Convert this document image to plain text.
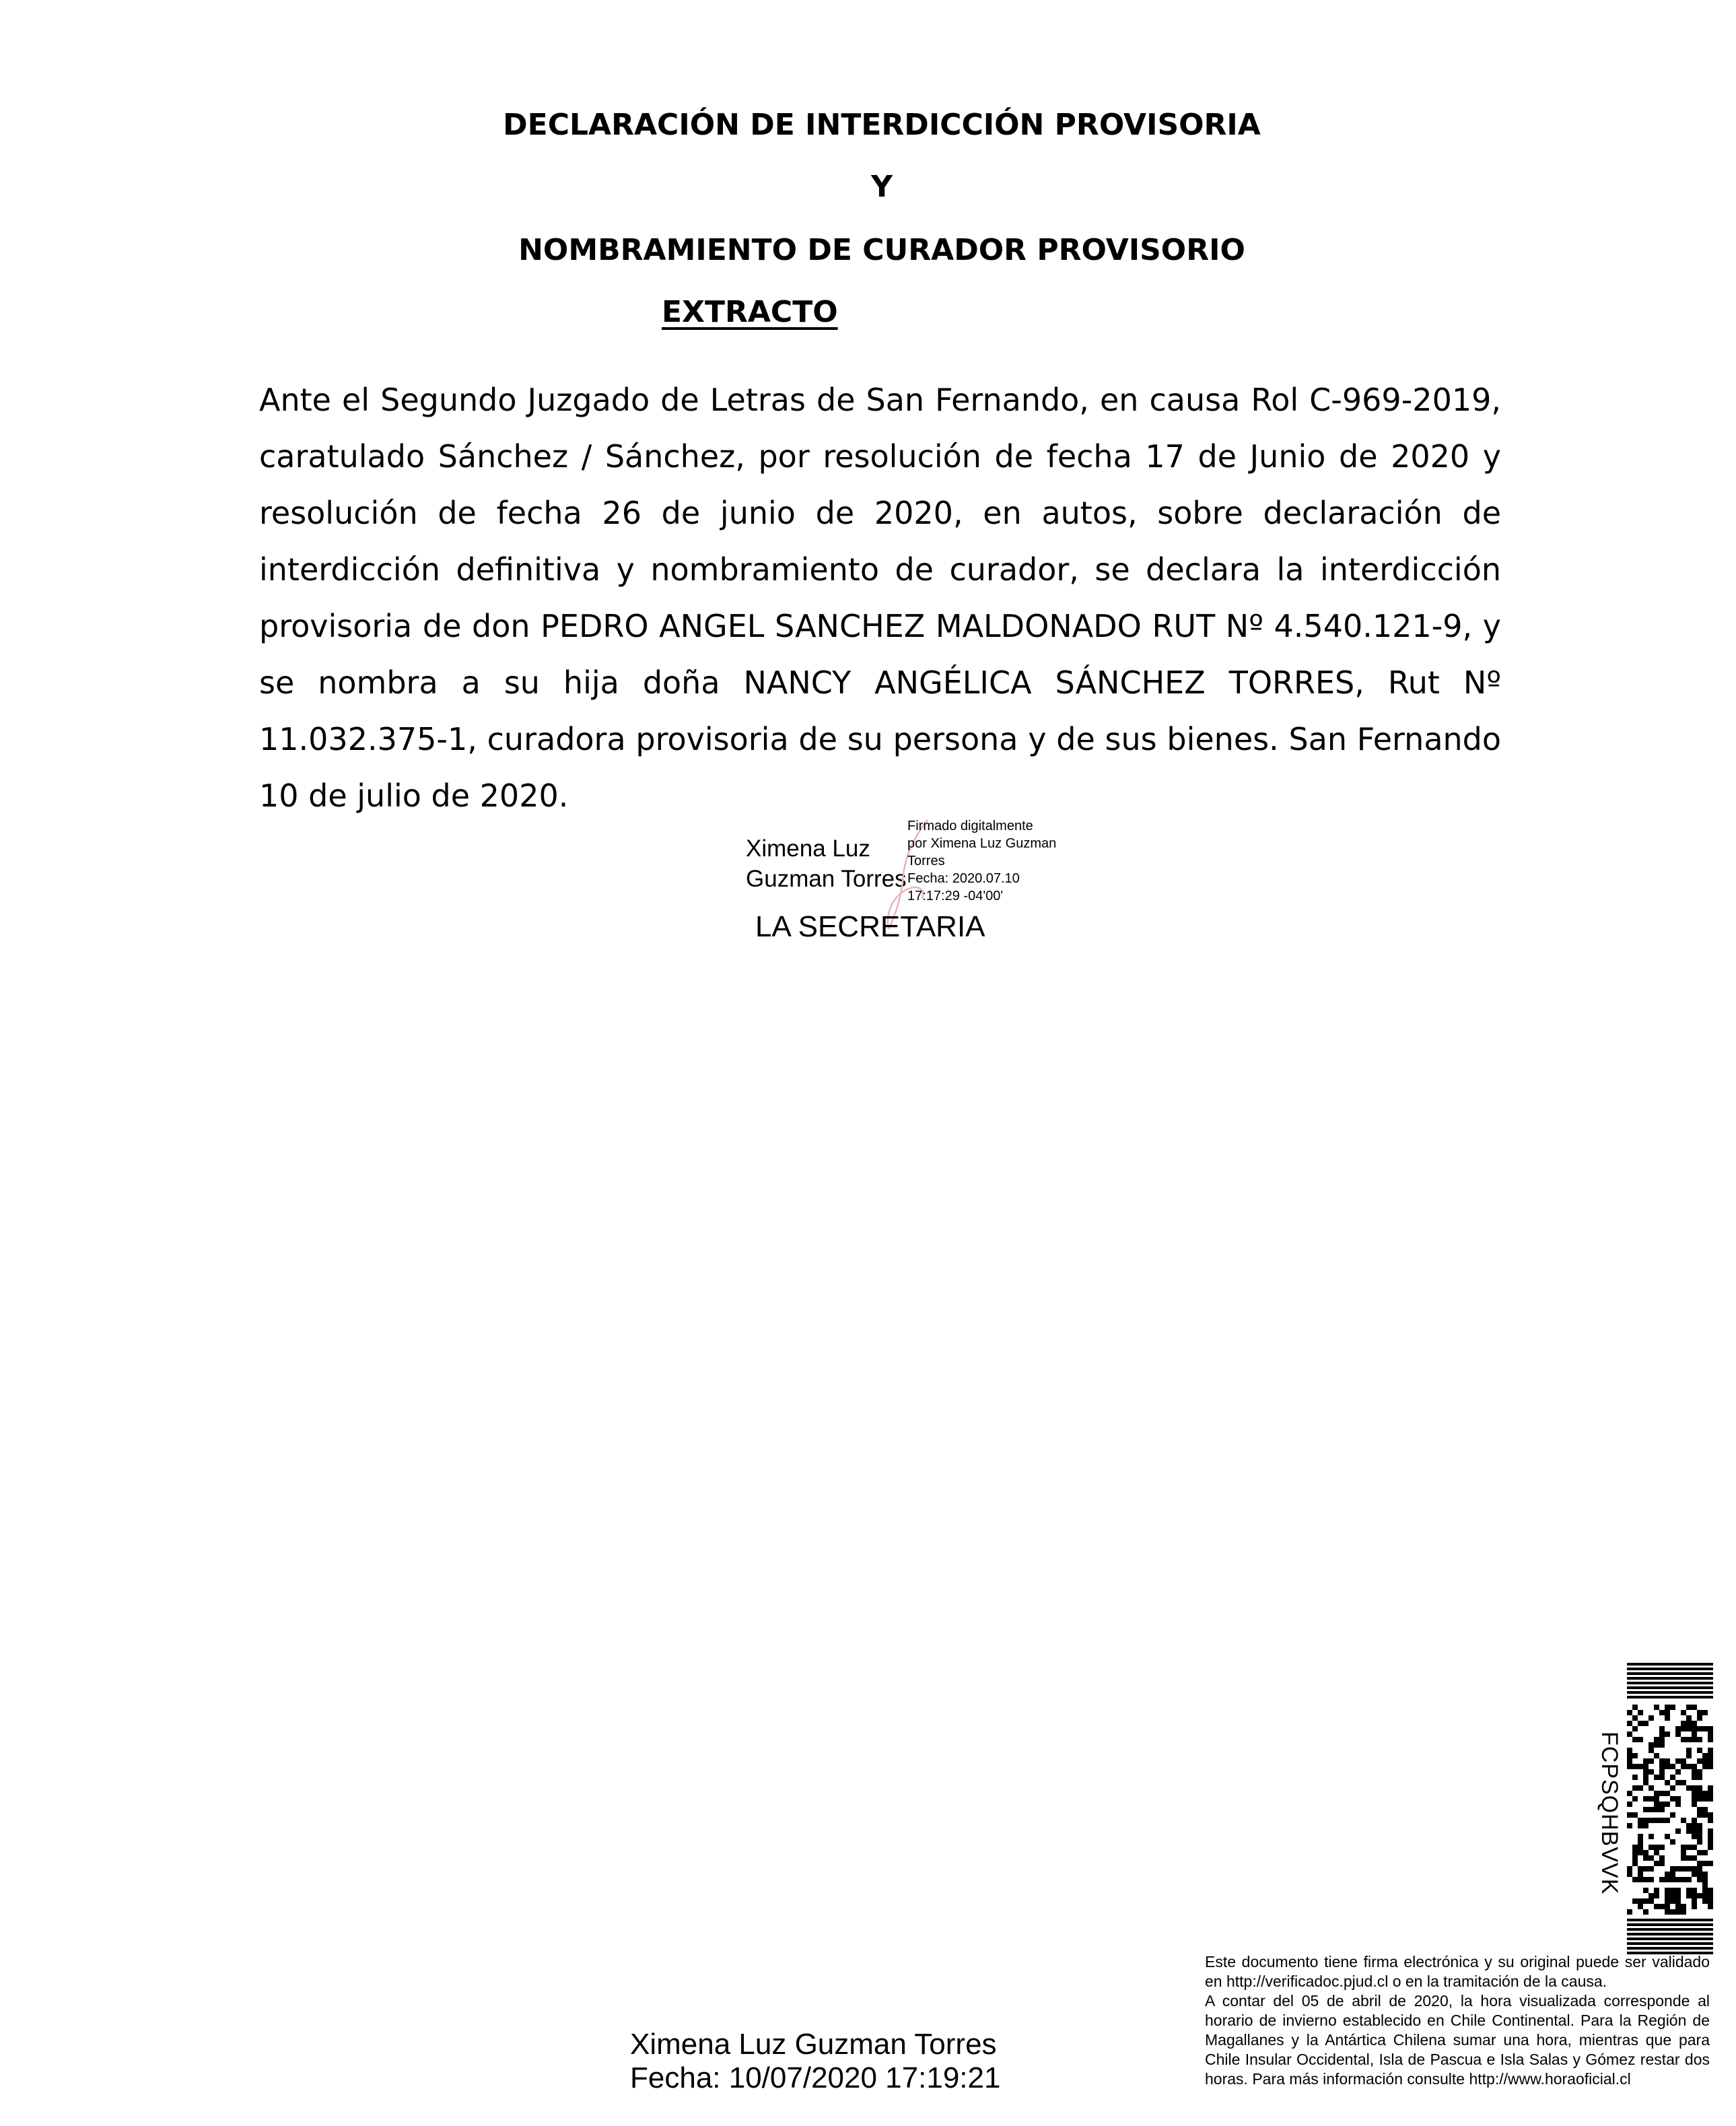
DECLARACIÓN DE INTERDICCIÓN PROVISORIA
Y
NOMBRAMIENTO DE CURADOR PROVISORIO
EXTRACTO
Ante el Segundo Juzgado de Letras de San Fernando, en causa Rol C-969-2019, caratulado Sánchez / Sánchez, por resolución de fecha 17 de Junio de 2020 y resolución de fecha 26 de junio de 2020, en autos, sobre declaración de interdicción definitiva y nombramiento de curador, se declara la interdicción provisoria de don PEDRO ANGEL SANCHEZ MALDONADO RUT Nº 4.540.121-9, y se nombra a su hija doña NANCY ANGÉLICA SÁNCHEZ TORRES, Rut Nº 11.032.375-1, curadora provisoria de su persona y de sus bienes. San Fernando 10 de julio de 2020.
Ximena Luz
Guzman Torres
Firmado digitalmente
por Ximena Luz Guzman
Torres
Fecha: 2020.07.10
17:17:29 -04'00'
LA SECRETARIA
FCPSQHBVVK
Ximena Luz Guzman Torres
Fecha: 10/07/2020 17:19:21

Este documento tiene firma electrónica y su original puede ser validado en http://verificadoc.pjud.cl o en la tramitación de la causa.

A contar del 05 de abril de 2020, la hora visualizada corresponde al horario de invierno establecido en Chile Continental. Para la Región de Magallanes y la Antártica Chilena sumar una hora, mientras que para Chile Insular Occidental, Isla de Pascua e Isla Salas y Gómez restar dos horas. Para más información consulte http://www.horaoficial.cl
